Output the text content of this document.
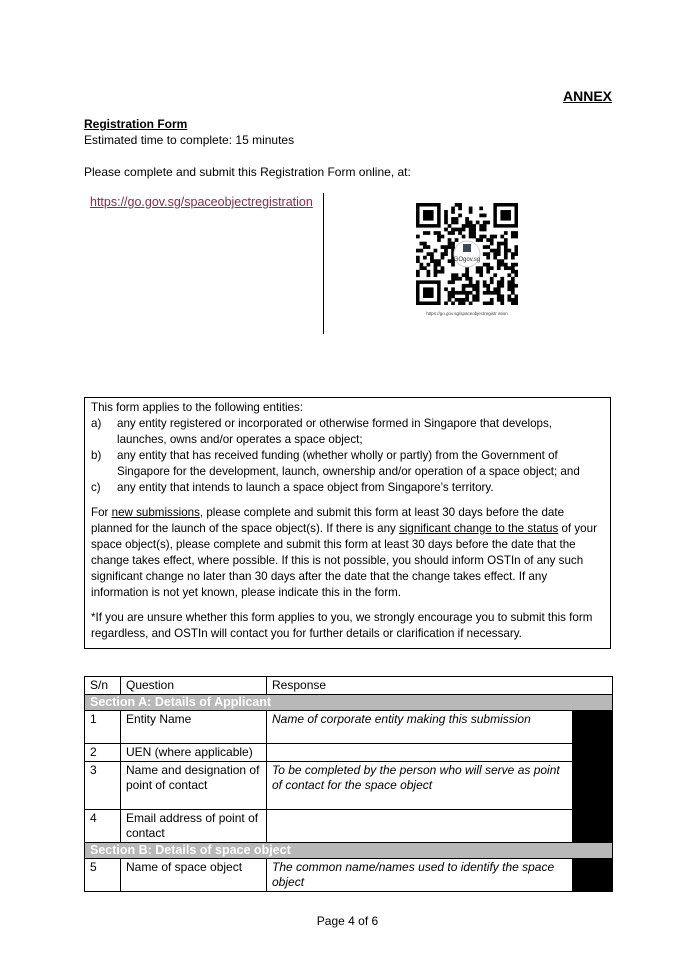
ANNEX
Registration Form
Estimated time to complete: 15 minutes
Please complete and submit this Registration Form online, at:
https://go.gov.sg/spaceobjectregistration
GOgov.sg
https://go.gov.sg/spaceobjectregistr ation

This form applies to the following entities:

a)	any entity registered or incorporated or otherwise formed in Singapore that develops, launches, owns and/or operates a space object;
b)	any entity that has received funding (whether wholly or partly) from the Government of Singapore for the development, launch, ownership and/or operation of a space object; and
c)	any entity that intends to launch a space object from Singapore’s territory.

For new submissions, please complete and submit this form at least 30 days before the date planned for the launch of the space object(s). If there is any significant change to the status of your space object(s), please complete and submit this form at least 30 days before the date that the change takes effect, where possible. If this is not possible, you should inform OSTIn of any such significant change no later than 30 days after the date that the change takes effect. If any information is not yet known, please indicate this in the form.

*If you are unsure whether this form applies to you, we strongly encourage you to submit this form regardless, and OSTIn will contact you for further details or clarification if necessary.

S/n	Question	Response	
Section A: Details of Applicant			
1	Entity Name	Name of corporate entity making this submission	
2	UEN (where applicable)		
3	Name and designation of point of contact	To be completed by the person who will serve as point of contact for the space object	
4	Email address of point of contact		
Section B: Details of space object			
5	Name of space object	The common name/names used to identify the space object	
Page 4 of 6
